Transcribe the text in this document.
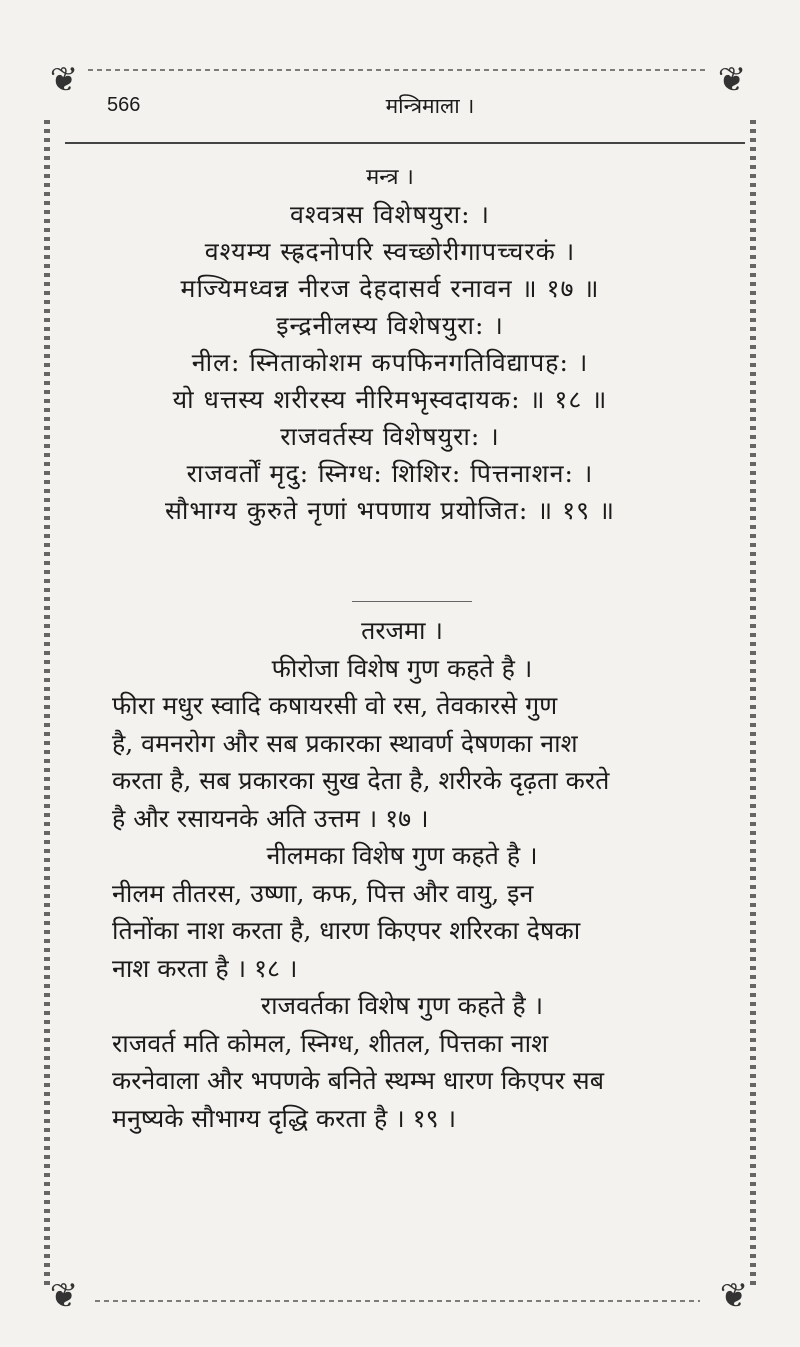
❦	❦
❦	❦
566	मन्त्रिमाला ।
मन्त्र ।
वश्वत्रस विशेषयुरा: ।
वश्यम्य स्ह्रदनोपरि स्वच्छोरीगापच्चरकं ।
मज्यिमध्वन्न नीरज देहदासर्व रनावन ॥ १७ ॥
इन्द्रनीलस्य विशेषयुरा: ।
नील: स्निताकोशम कपफिनगतिविद्यापह: ।
यो धत्तस्य शरीरस्य नीरिमभृस्वदायक: ॥ १८ ॥
राजवर्तस्य विशेषयुरा: ।
राजवर्तों मृदु: स्निग्ध: शिशिर: पित्तनाशन: ।
सौभाग्य कुरुते नृणां भपणाय प्रयोजित: ॥ १९ ॥
तरजमा ।
फीरोजा विशेष गुण कहते है ।
फीरा मधुर स्वादि कषायरसी वो रस, तेवकारसे गुण
है, वमनरोग और सब प्रकारका स्थावर्ण देषणका नाश
करता है, सब प्रकारका सुख देता है, शरीरके दृढ़ता करते
है और रसायनके अति उत्तम । १७ ।
नीलमका विशेष गुण कहते है ।
नीलम तीतरस, उष्णा, कफ, पित्त और वायु, इन
तिनोंका नाश करता है, धारण किएपर शरिरका देषका
नाश करता है । १८ ।
राजवर्तका विशेष गुण कहते है ।
राजवर्त मति कोमल, स्निग्ध, शीतल, पित्तका नाश
करनेवाला और भपणके बनिते स्थम्भ धारण किएपर सब
मनुष्यके सौभाग्य दृद्धि करता है । १९ ।
